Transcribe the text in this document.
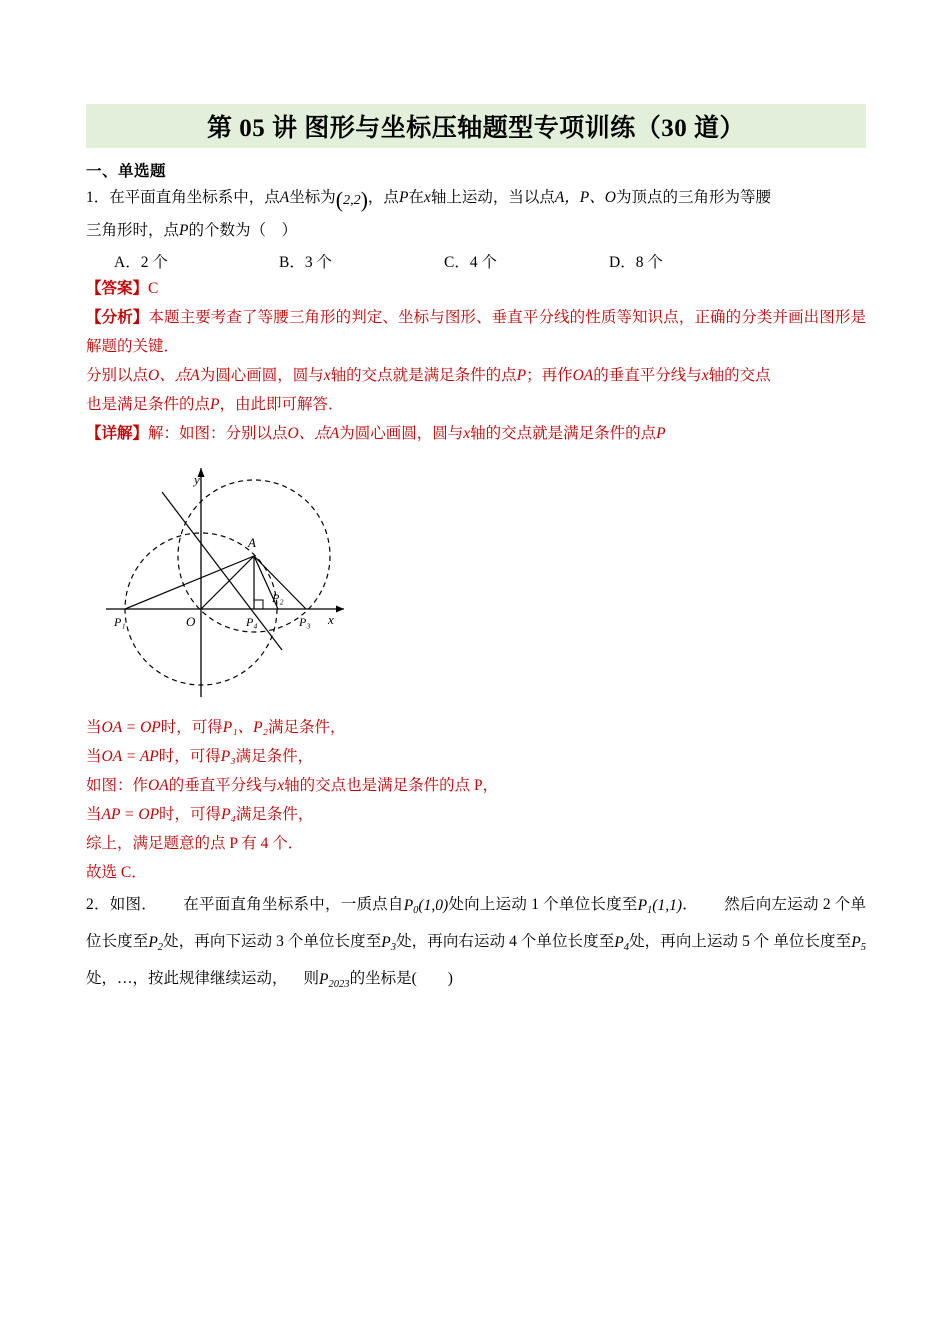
第 05 讲 图形与坐标压轴题型专项训练（30 道）
一、单选题
1．在平面直角坐标系中，点A坐标为(2,2)，点P在x轴上运动，当以点A，P、O为顶点的三角形为等腰
三角形时，点P的个数为（　）
A．2 个	B．3 个	C．4 个	D．8 个

【答案】C

【分析】本题主要考查了等腰三角形的判定、坐标与图形、垂直平分线的性质等知识点，正确的分类并画出图形是解题的关键．

分别以点O、点A为圆心画圆，圆与x轴的交点就是满足条件的点P；再作OA的垂直平分线与x轴的交点

也是满足条件的点P，由此即可解答．

【详解】解：如图：分别以点O、点A为圆心画圆，圆与x轴的交点就是满足条件的点P

y
x
O
A
P₁	P₄
P₂
P₃

当OA = OP时，可得P₁、P₂满足条件，

当OA = AP时，可得P₃满足条件，

如图：作OA的垂直平分线与x轴的交点也是满足条件的点 P，

当AP = OP时，可得P₄满足条件，

综上，满足题意的点 P 有 4 个．

故选 C．

2．如图． 在平面直角坐标系中，一质点自$P_0(1,0)$处向上运动 1 个单位长度至$P_1(1,1)$． 然后向左运动 2 个单位长度至$P_2$处，再向下运动 3 个单位长度至$P_3$处，再向右运动 4 个单位长度至$P_4$处，再向上运动 5 个 单位长度至$P_5$处，…，按此规律继续运动， 则$P_{2023}$的坐标是(　　)
